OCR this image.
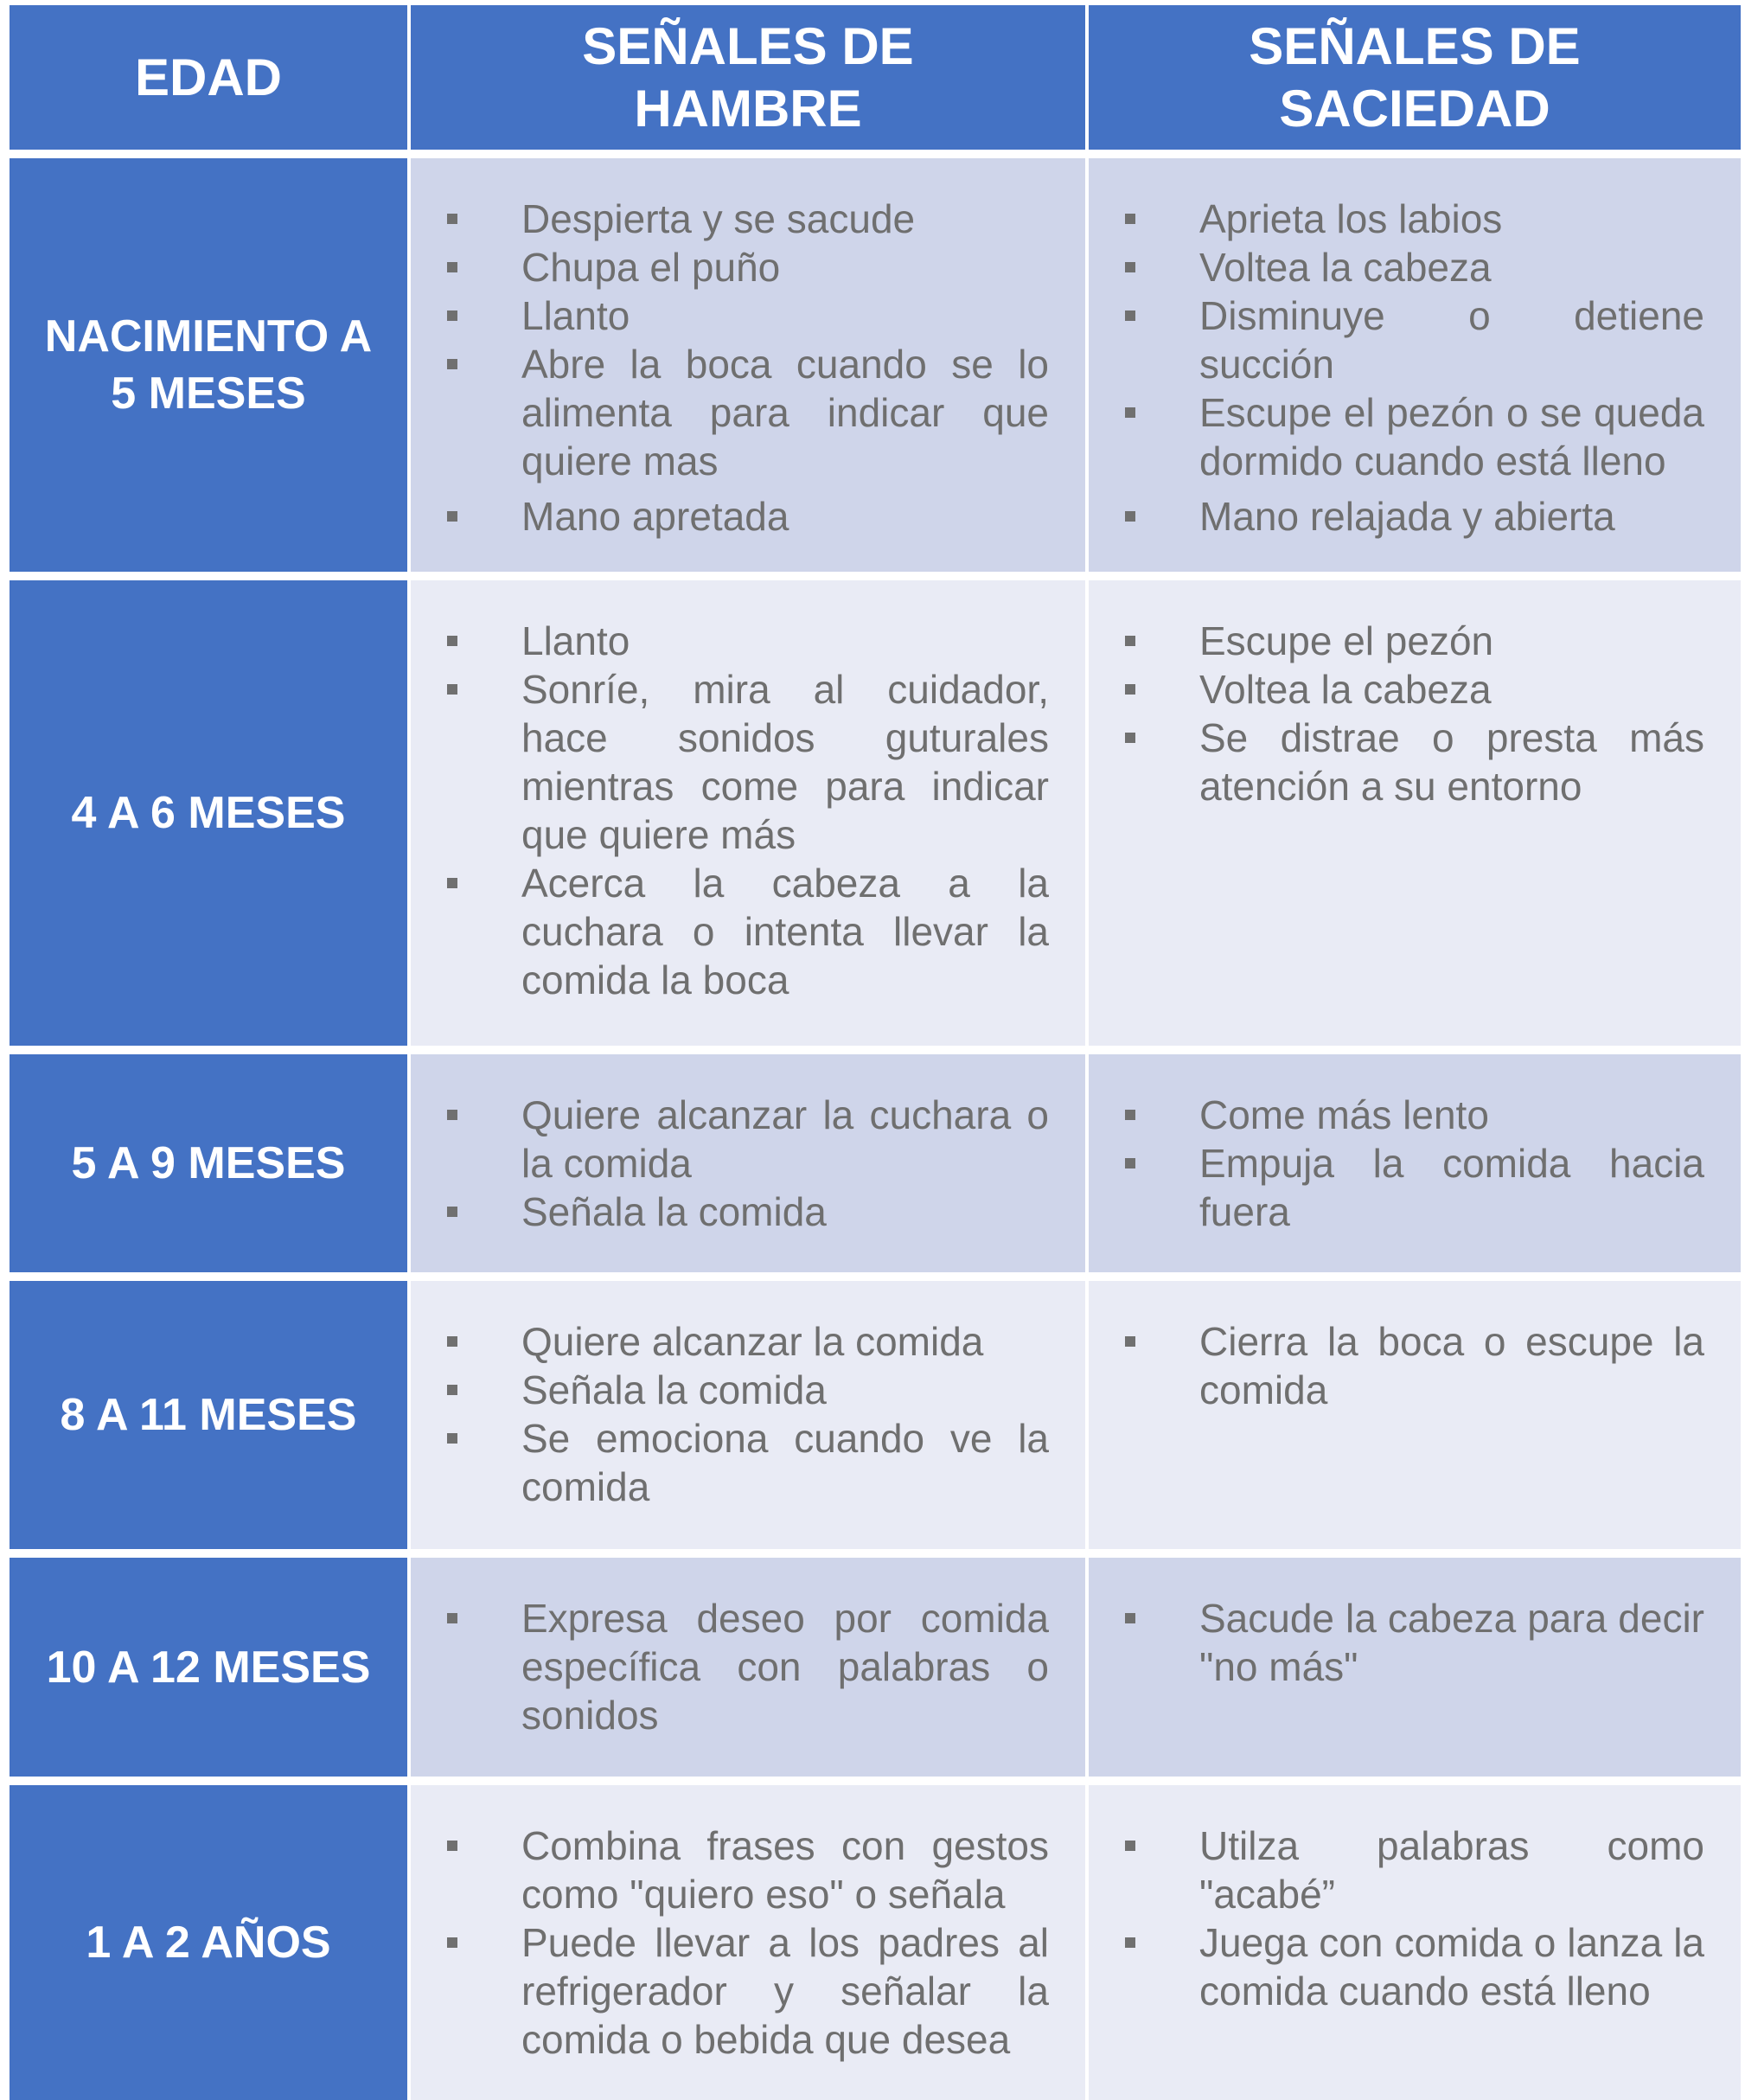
EDAD
SEÑALES DE
HAMBRE
SEÑALES DE
SACIEDAD
NACIMIENTO A
5 MESES
Despierta y se sacude
Chupa el puño
Llanto
Abre la boca cuando se lo alimenta para indicar que quiere mas
Mano apretada
Aprieta los labios
Voltea la cabeza
Disminuye o detiene succión
Escupe el pezón o se queda dormido cuando está lleno
Mano relajada y abierta
4 A 6 MESES
Llanto
Sonríe, mira al cuidador, hace sonidos guturales mientras come para indicar que quiere más
Acerca la cabeza a la cuchara o intenta llevar la comida la boca
Escupe el pezón
Voltea la cabeza
Se distrae o presta más atención a su entorno
5 A 9 MESES
Quiere alcanzar la cuchara o la comida
Señala la comida
Come más lento
Empuja la comida hacia fuera
8 A 11 MESES
Quiere alcanzar la comida
Señala la comida
Se emociona cuando ve la comida
Cierra la boca o escupe la comida
10 A 12 MESES
Expresa deseo por comida específica con palabras o sonidos
Sacude la cabeza para decir "no más"
1 A 2 AÑOS
Combina frases con gestos como "quiero eso" o señala
Puede llevar a los padres al refrigerador y señalar la comida o bebida que desea
Utilza palabras como "acabé”
Juega con comida o lanza la comida cuando está lleno
